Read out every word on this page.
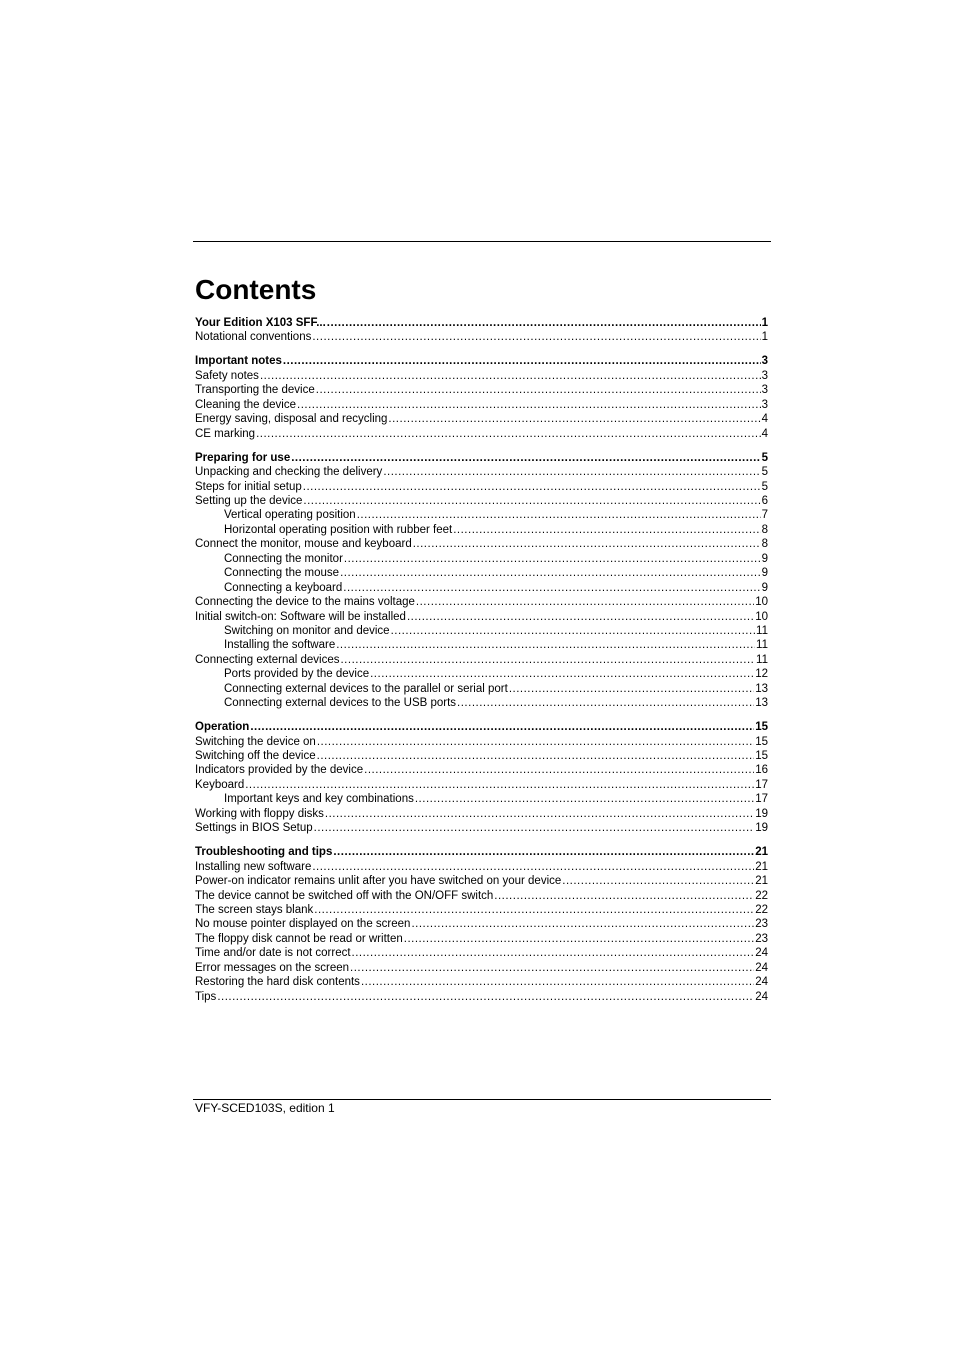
Contents
Your Edition X103 SFF... .....	1
Notational conventions .....	1
Important notes .....	3
Safety notes .....	3
Transporting the device .....	3
Cleaning the device .....	3
Energy saving, disposal and recycling .....	4
CE marking .....	4
Preparing for use .....	5
Unpacking and checking the delivery .....	5
Steps for initial setup .....	5
Setting up the device .....	6
Vertical operating position .....	7
Horizontal operating position with rubber feet .....	8
Connect the monitor, mouse and keyboard .....	8
Connecting the monitor .....	9
Connecting the mouse .....	9
Connecting a keyboard .....	9
Connecting the device to the mains voltage .....	10
Initial switch-on: Software will be installed .....	10
Switching on monitor and device .....	11
Installing the software .....	11
Connecting external devices .....	11
Ports provided by the device .....	12
Connecting external devices to the parallel or serial port .....	13
Connecting external devices to the USB ports .....	13
Operation .....	15
Switching the device on .....	15
Switching off the device .....	15
Indicators provided by the device .....	16
Keyboard .....	17
Important keys and key combinations .....	17
Working with floppy disks .....	19
Settings in BIOS Setup .....	19
Troubleshooting and tips .....	21
Installing new software .....	21
Power-on indicator remains unlit after you have switched on your device .....	21
The device cannot be switched off with the ON/OFF switch .....	22
The screen stays blank .....	22
No mouse pointer displayed on the screen .....	23
The floppy disk cannot be read or written .....	23
Time and/or date is not correct .....	24
Error messages on the screen .....	24
Restoring the hard disk contents .....	24
Tips .....	24
VFY-SCED103S, edition 1
